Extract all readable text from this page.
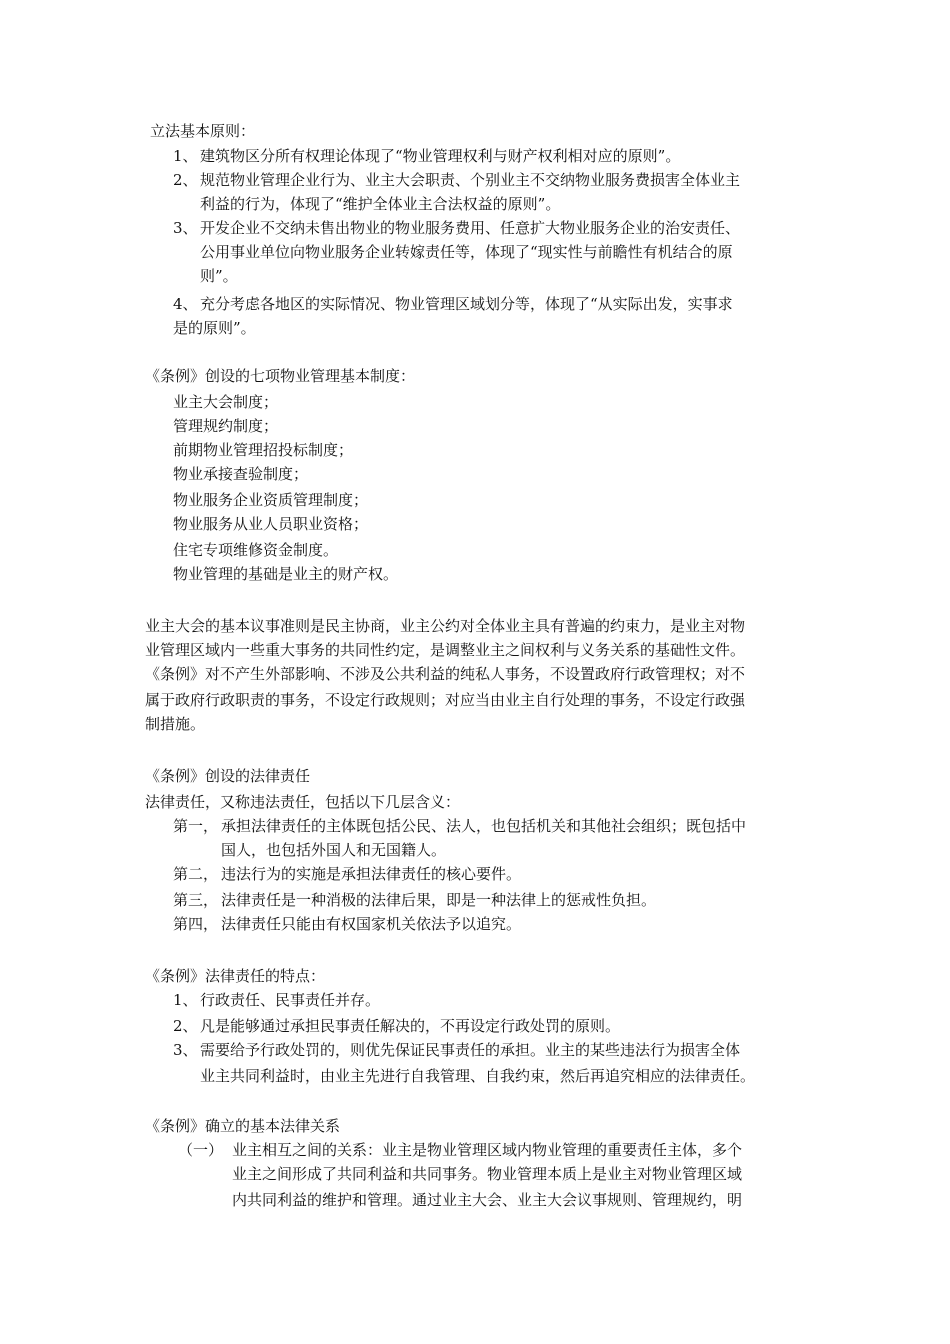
立法基本原则：
1、 建筑物区分所有权理论体现了“物业管理权利与财产权利相对应的原则”。
2、 规范物业管理企业行为、业主大会职责、个别业主不交纳物业服务费损害全体业主
利益的行为，体现了“维护全体业主合法权益的原则”。
3、 开发企业不交纳未售出物业的物业服务费用、任意扩大物业服务企业的治安责任、
公用事业单位向物业服务企业转嫁责任等，体现了“现实性与前瞻性有机结合的原
则”。
4、 充分考虑各地区的实际情况、物业管理区域划分等，体现了“从实际出发，实事求
是的原则”。
《条例》创设的七项物业管理基本制度：
业主大会制度；
管理规约制度；
前期物业管理招投标制度；
物业承接查验制度；
物业服务企业资质管理制度；
物业服务从业人员职业资格；
住宅专项维修资金制度。
物业管理的基础是业主的财产权。
业主大会的基本议事准则是民主协商，业主公约对全体业主具有普遍的约束力，是业主对物
业管理区域内一些重大事务的共同性约定，是调整业主之间权利与义务关系的基础性文件。
《条例》对不产生外部影响、不涉及公共利益的纯私人事务，不设置政府行政管理权；对不
属于政府行政职责的事务，不设定行政规则；对应当由业主自行处理的事务，不设定行政强
制措施。
《条例》创设的法律责任
法律责任，又称违法责任，包括以下几层含义：
第一， 承担法律责任的主体既包括公民、法人，也包括机关和其他社会组织；既包括中
国人，也包括外国人和无国籍人。
第二， 违法行为的实施是承担法律责任的核心要件。
第三， 法律责任是一种消极的法律后果，即是一种法律上的惩戒性负担。
第四， 法律责任只能由有权国家机关依法予以追究。
《条例》法律责任的特点：
1、 行政责任、民事责任并存。
2、 凡是能够通过承担民事责任解决的，不再设定行政处罚的原则。
3、 需要给予行政处罚的，则优先保证民事责任的承担。业主的某些违法行为损害全体
业主共同利益时，由业主先进行自我管理、自我约束，然后再追究相应的法律责任。
《条例》确立的基本法律关系
（一） 业主相互之间的关系：业主是物业管理区域内物业管理的重要责任主体，多个
业主之间形成了共同利益和共同事务。物业管理本质上是业主对物业管理区域
内共同利益的维护和管理。通过业主大会、业主大会议事规则、管理规约，明
